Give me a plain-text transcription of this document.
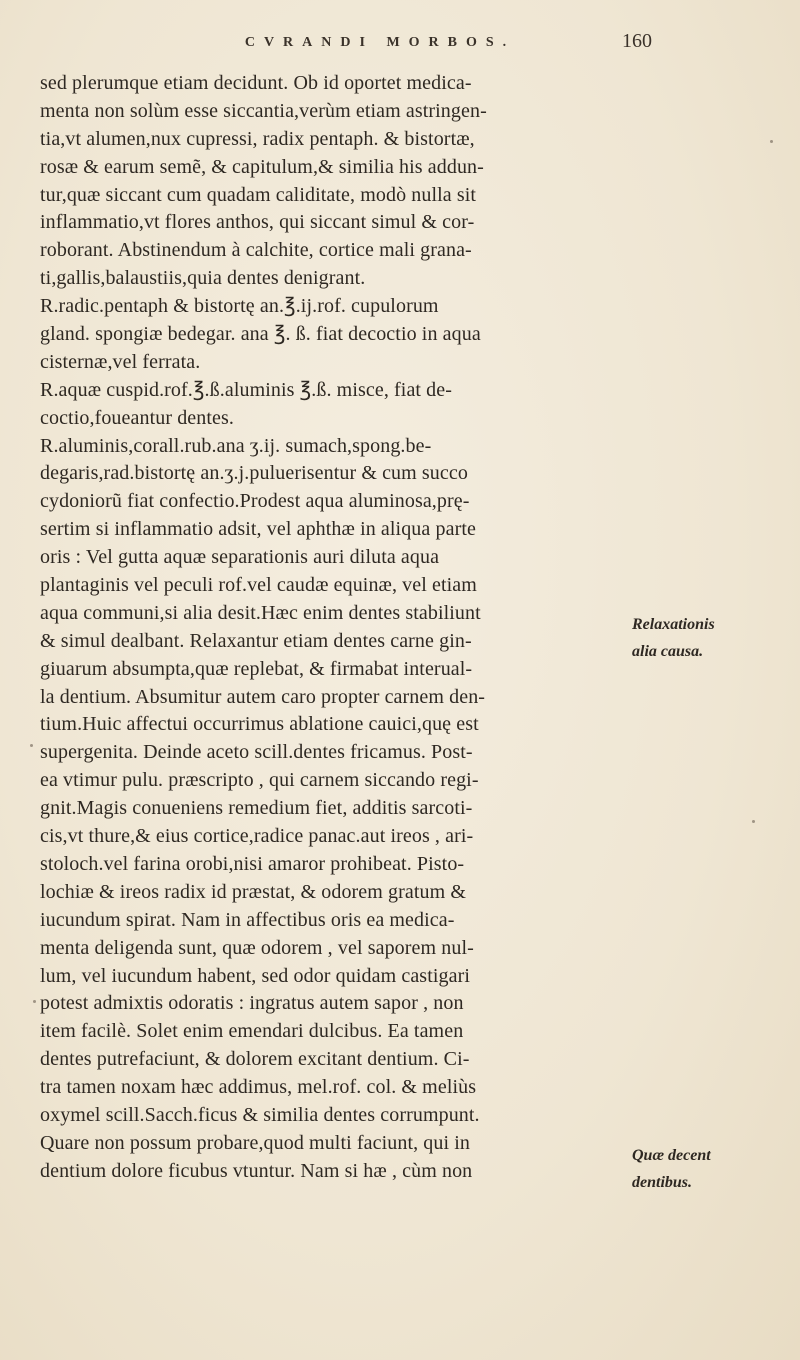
CVRANDI MORBOS.	160
sed plerumque etiam decidunt. Ob id oportet medica-
menta non solùm esse siccantia,verùm etiam astringen-
tia,vt alumen,nux cupressi, radix pentaph. & bistortæ,
rosæ & earum semẽ, & capitulum,& similia his addun-
tur,quæ siccant cum quadam caliditate, modò nulla sit
inflammatio,vt flores anthos, qui siccant simul & cor-
roborant. Abstinendum à calchite, cortice mali grana-
ti,gallis,balaustiis,quia dentes denigrant.
R.radic.pentaph & bistortę an.℥.ij.rof. cupulorum
gland. spongiæ bedegar. ana ℥. ß. fiat decoctio in aqua
cisternæ,vel ferrata.
R.aquæ cuspid.rof.℥.ß.aluminis ℥.ß. misce, fiat de-
coctio,foueantur dentes.
R.aluminis,corall.rub.ana ʒ.ij. sumach,spong.be-
degaris,rad.bistortę an.ʒ.j.puluerisentur & cum succo
cydoniorũ fiat confectio.Prodest aqua aluminosa,prę-
sertim si inflammatio adsit, vel aphthæ in aliqua parte
oris : Vel gutta aquæ separationis auri diluta aqua
plantaginis vel peculi rof.vel caudæ equinæ, vel etiam
aqua communi,si alia desit.Hæc enim dentes stabiliunt
& simul dealbant. Relaxantur etiam dentes carne gin-
giuarum absumpta,quæ replebat, & firmabat interual-
la dentium. Absumitur autem caro propter carnem den-
tium.Huic affectui occurrimus ablatione cauici,quę est
supergenita. Deinde aceto scill.dentes fricamus. Post-
ea vtimur pulu. præscripto , qui carnem siccando regi-
gnit.Magis conueniens remedium fiet, additis sarcoti-
cis,vt thure,& eius cortice,radice panac.aut ireos , ari-
stoloch.vel farina orobi,nisi amaror prohibeat. Pisto-
lochiæ & ireos radix id præstat, & odorem gratum &
iucundum spirat. Nam in affectibus oris ea medica-
menta deligenda sunt, quæ odorem , vel saporem nul-
lum, vel iucundum habent, sed odor quidam castigari
potest admixtis odoratis : ingratus autem sapor , non
item facilè. Solet enim emendari dulcibus. Ea tamen
dentes putrefaciunt, & dolorem excitant dentium. Ci-
tra tamen noxam hæc addimus, mel.rof. col. & meliùs
oxymel scill.Sacch.ficus & similia dentes corrumpunt.
Quare non possum probare,quod multi faciunt, qui in
dentium dolore ficubus vtuntur. Nam si hæ , cùm non
Relaxationis
alia causa.
Quæ decent
dentibus.
